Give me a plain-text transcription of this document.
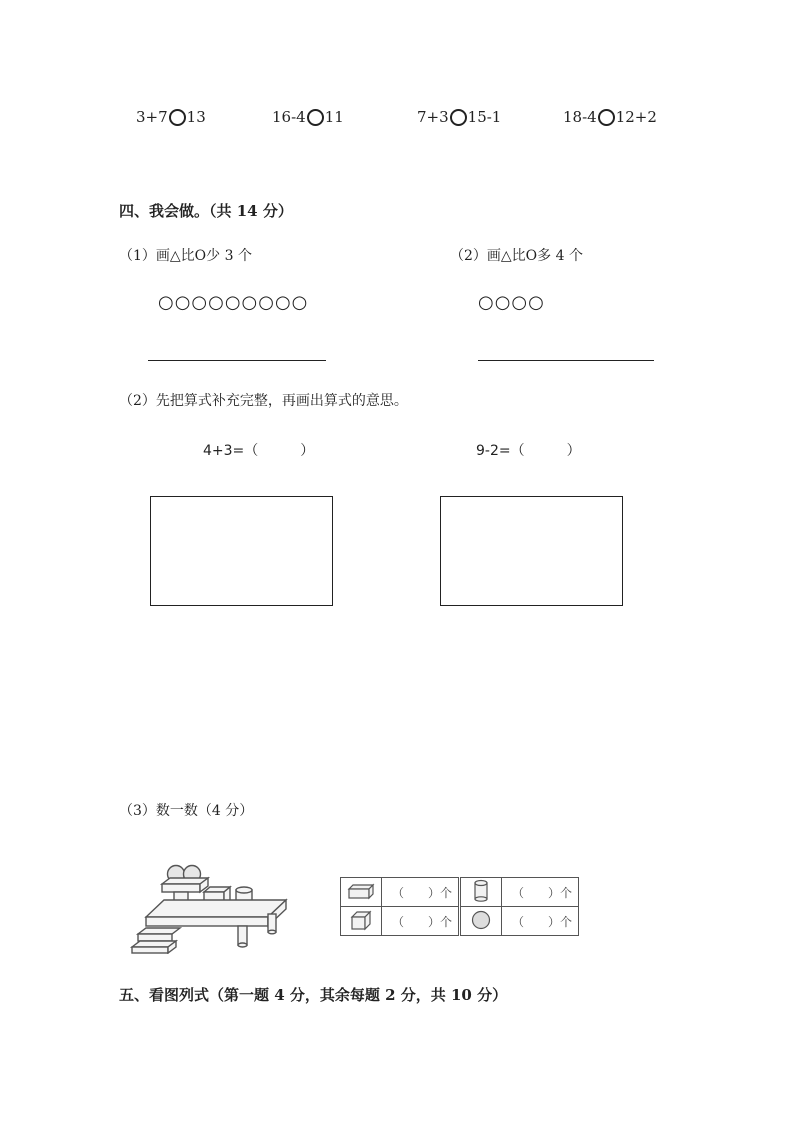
3+7 13	16-4 11	7+3 15-1	18-4 12+2
四、我会做。（共 14 分）
（1）画△比O少 3 个	（2）画△比O多 4 个
○○○○○○○○○	○○○○
（2）先把算式补充完整，再画出算式的意思。
4+3=（　　　）	9-2=（　　　）
（3）数一数（4 分）
	（　　）个		（　　）个
	（　　）个		（　　）个
五、看图列式（第一题 4 分，其余每题 2 分，共 10 分）
